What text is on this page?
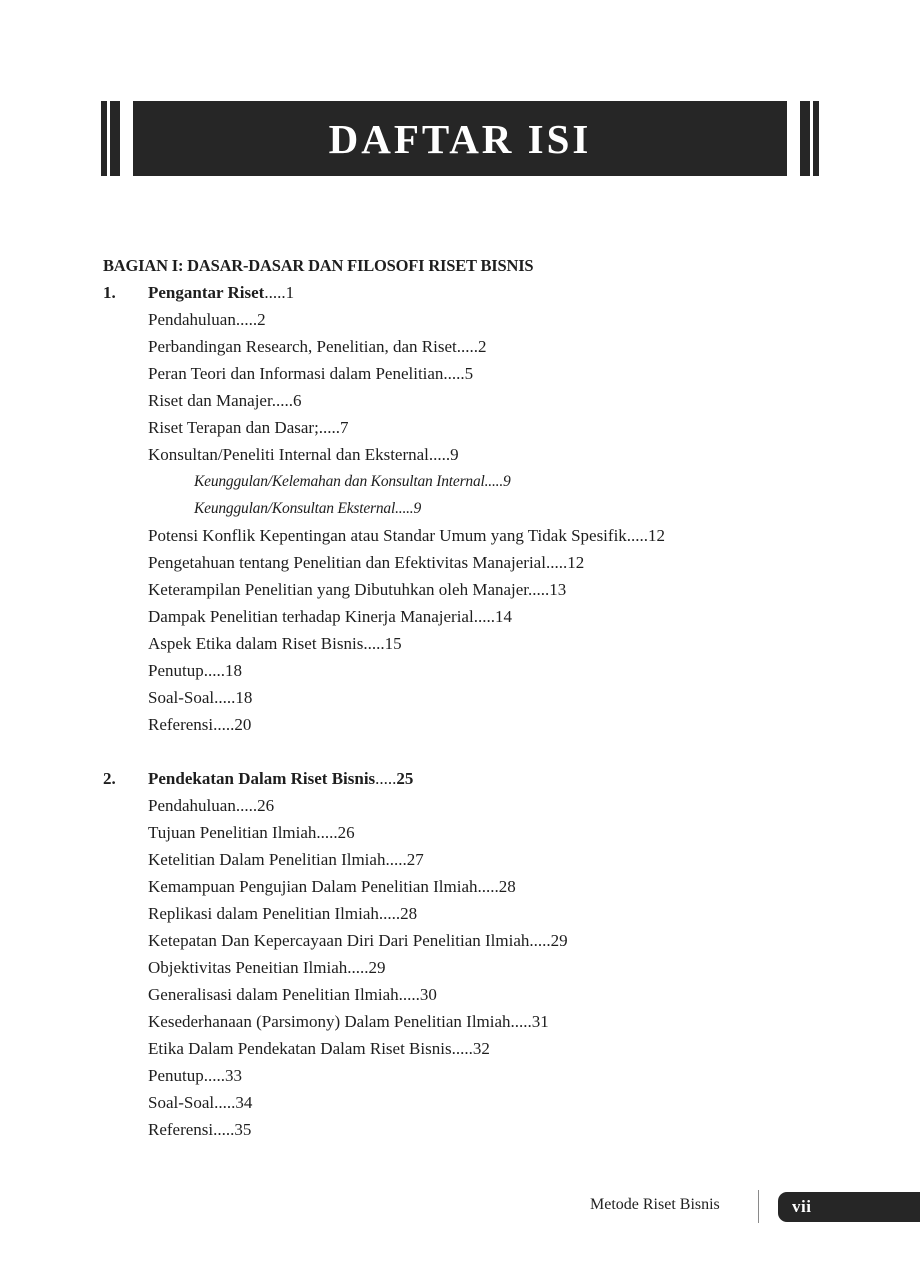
DAFTAR ISI
BAGIAN I: DASAR-DASAR DAN FILOSOFI RISET BISNIS
1. Pengantar Riset.....1
Pendahuluan.....2
Perbandingan Research, Penelitian, dan Riset.....2
Peran Teori dan Informasi dalam Penelitian.....5
Riset dan Manajer.....6
Riset Terapan dan Dasar;.....7
Konsultan/Peneliti Internal dan Eksternal.....9
Keunggulan/Kelemahan dan Konsultan Internal.....9
Keunggulan/Konsultan Eksternal.....9
Potensi Konflik Kepentingan atau Standar Umum yang Tidak Spesifik.....12
Pengetahuan tentang Penelitian dan Efektivitas Manajerial.....12
Keterampilan Penelitian yang Dibutuhkan oleh Manajer.....13
Dampak Penelitian terhadap Kinerja Manajerial.....14
Aspek Etika dalam Riset Bisnis.....15
Penutup.....18
Soal-Soal.....18
Referensi.....20
2. Pendekatan Dalam Riset Bisnis.....25
Pendahuluan.....26
Tujuan Penelitian Ilmiah.....26
Ketelitian Dalam Penelitian Ilmiah.....27
Kemampuan Pengujian Dalam Penelitian Ilmiah.....28
Replikasi dalam Penelitian Ilmiah.....28
Ketepatan Dan Kepercayaan Diri Dari Penelitian Ilmiah.....29
Objektivitas Peneitian Ilmiah.....29
Generalisasi dalam Penelitian Ilmiah.....30
Kesederhanaan (Parsimony) Dalam Penelitian Ilmiah.....31
Etika Dalam Pendekatan Dalam Riset Bisnis.....32
Penutup.....33
Soal-Soal.....34
Referensi.....35
Metode Riset Bisnis	vii
